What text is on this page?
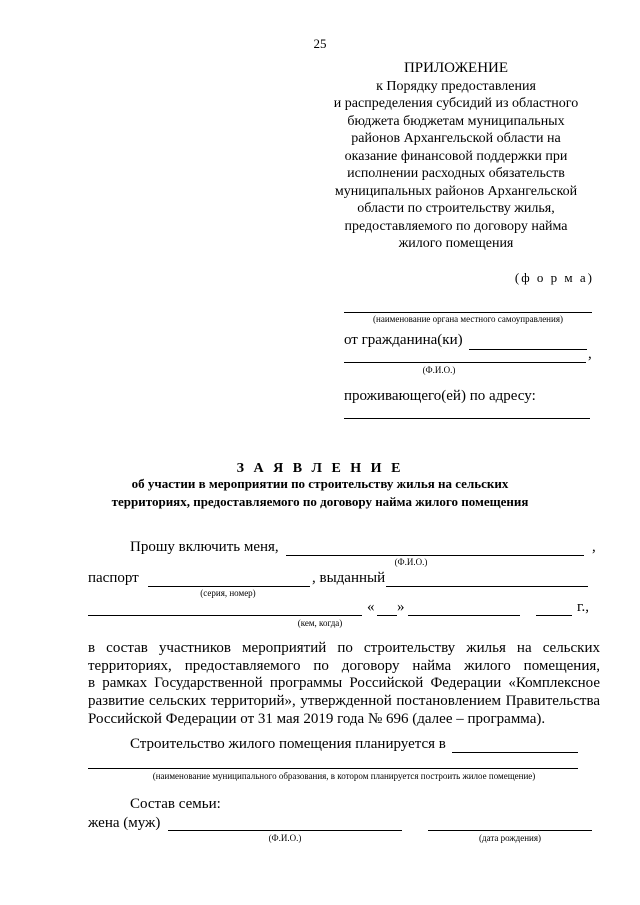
25
ПРИЛОЖЕНИЕ
к Порядку предоставления
и распределения субсидий из областного
бюджета бюджетам муниципальных
районов Архангельской области на
оказание финансовой поддержки при
исполнении расходных обязательств
муниципальных районов Архангельской
области по строительству жилья,
предоставляемого по договору найма
жилого помещения
(ф о р м а)
(наименование органа местного самоуправления)
от гражданина(ки)
,
(Ф.И.О.)
проживающего(ей) по адресу:
З А Я В Л Е Н И Е
об участии в мероприятии по строительству жилья на сельских
территориях, предоставляемого по договору найма жилого помещения
Прошу включить меня,	,
(Ф.И.О.)
паспорт	, выданный
(серия, номер)
« »	г.,
(кем, когда)
в состав участников мероприятий по строительству жилья на сельских
территориях, предоставляемого по договору найма жилого помещения,
в рамках Государственной программы Российской Федерации «Комплексное
развитие сельских территорий», утвержденной постановлением Правительства
Российской Федерации от 31 мая 2019 года № 696 (далее – программа).
Строительство жилого помещения планируется в
(наименование муниципального образования, в котором планируется построить жилое помещение)
Состав семьи:
жена (муж)
(Ф.И.О.)	(дата рождения)
